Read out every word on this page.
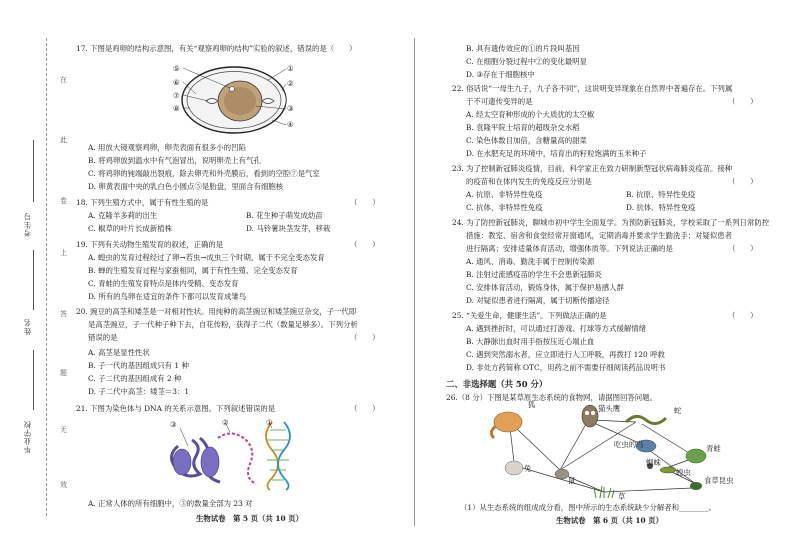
在
此
卷
上
答
题
无
效
考生号
姓名
毕业学校
17. 下图是鸡卵的结构示意图，有关“观察鸡卵的结构”实验的叙述，错误的是（　　）
⑤
⑥
⑦
⑧
①
②
③
④
A. 用放大镜观察鸡卵，卵壳表面有很多小的凹陷
B. 将鸡卵放到温水中有气泡冒出，说明卵壳上有气孔
C. 将鸡卵的钝端敲出裂痕，除去卵壳和外壳膜后，看到的空腔⑦是气室
D. 卵黄表面中央的乳白色小圆点⑤是胎盘，里面含有细胞核
18. 下列生殖方式中，属于有性生殖的是	（　　）
A. 克隆羊多莉的出生	B. 花生种子萌发成幼苗
C. 椒草的叶片长成新植株	D. 马铃薯块茎发芽，移栽
19. 下列有关动物生殖发育的叙述，正确的是	（　　）
A. 蝗虫的发育过程经过了卵→若虫→成虫三个时期，属于不完全变态发育
B. 蝉的生殖发育过程与家蚕相同，属于有性生殖、完全变态发育
C. 青蛙的生殖发育特点是体内受精、变态发育
D. 所有的鸟卵在适宜的条件下都可以发育成雏鸟
20. 豌豆的高茎和矮茎是一对相对性状。用纯种的高茎豌豆和矮茎豌豆杂交，子一代即
是高茎豌豆，子一代种子种下去，自花传粉，获得子二代（数量足够多）。下列分析
错误的是	（　　）
A. 高茎是显性性状
B. 子一代的基因组成只有 1 种
C. 子二代的基因组成有 2 种
D. 子二代中高茎：矮茎＝3：1
21. 下图为染色体与 DNA 的关系示意图。下列叙述错误的是	（　　）
③	②	①
A. 正常人体的所有细胞中，③的数量全部为 23 对
生物试卷　第 5 页（共 10 页）
B. 具有遗传效应的①的片段叫基因
C. 在细胞分裂过程中②的变化最明显
D. ③存在于细胞核中
22. 俗话说“一母生九子，九子各不同”，这说明变异现象在自然界中普遍存在。下列属
于不可遗传变异的是	（　　）
A. 经太空育种形成的个大质优的太空椒
B. 袁隆平院士培育的超级杂交水稻
C. 染色体数目加倍，含糖量高的甜菜
D. 在水肥充足的环境中，培育出的籽粒饱满的玉米种子
23. 为了控制新冠肺炎疫情，目前，科学家正在致力研制新型冠状病毒肺炎疫苗。接种
的疫苗和在体内发生的免疫反应分别是	（　　）
A. 抗原、非特异性免疫	B. 抗原、特异性免疫
C. 抗体、非特异性免疫	D. 抗体、特异性免疫
24. 为了防控新冠肺炎，聊城市初中学生全面复学。为预防新冠肺炎，学校采取了一系列日常防控
措施：教室、宿舍和食堂经常开窗通风，定期消毒并要求学生勤洗手；对疑似患者
进行隔离；安排适量体育活动，增强体质等。下列说法正确的是	（　　）
A. 通风、消毒、勤洗手属于控制传染源
B. 注射过流感疫苗的学生不会患新冠肺炎
C. 安排体育活动，锻炼身体，属于保护易感人群
D. 对疑似患者进行隔离，属于切断传播途径
25. “关爱生命，健康生活”。下列做法正确的是	（　　）
A. 遇到挫折时，可以通过打游戏、打球等方式缓解情绪
B. 大静脉出血时用手指按压近心端止血
C. 遇到突然溺水者，应立即进行人工呼吸，再拨打 120 呼救
D. 非处方药简称 OTC，用药之前不需要仔细阅读药品说明书
二、非选择题（共 50 分）
26.（8 分）下图是某草原生态系统的食物网，请据图回答问题。
狐	猫头鹰	蛇
吃虫的鸟	青蛙
兔
鼠
蝗虫
蜘蛛
食草昆虫
草
（1）从生态系统的组成成分看，图中所示的生态系统缺少分解者和________。
生物试卷　第 6 页（共 10 页）
